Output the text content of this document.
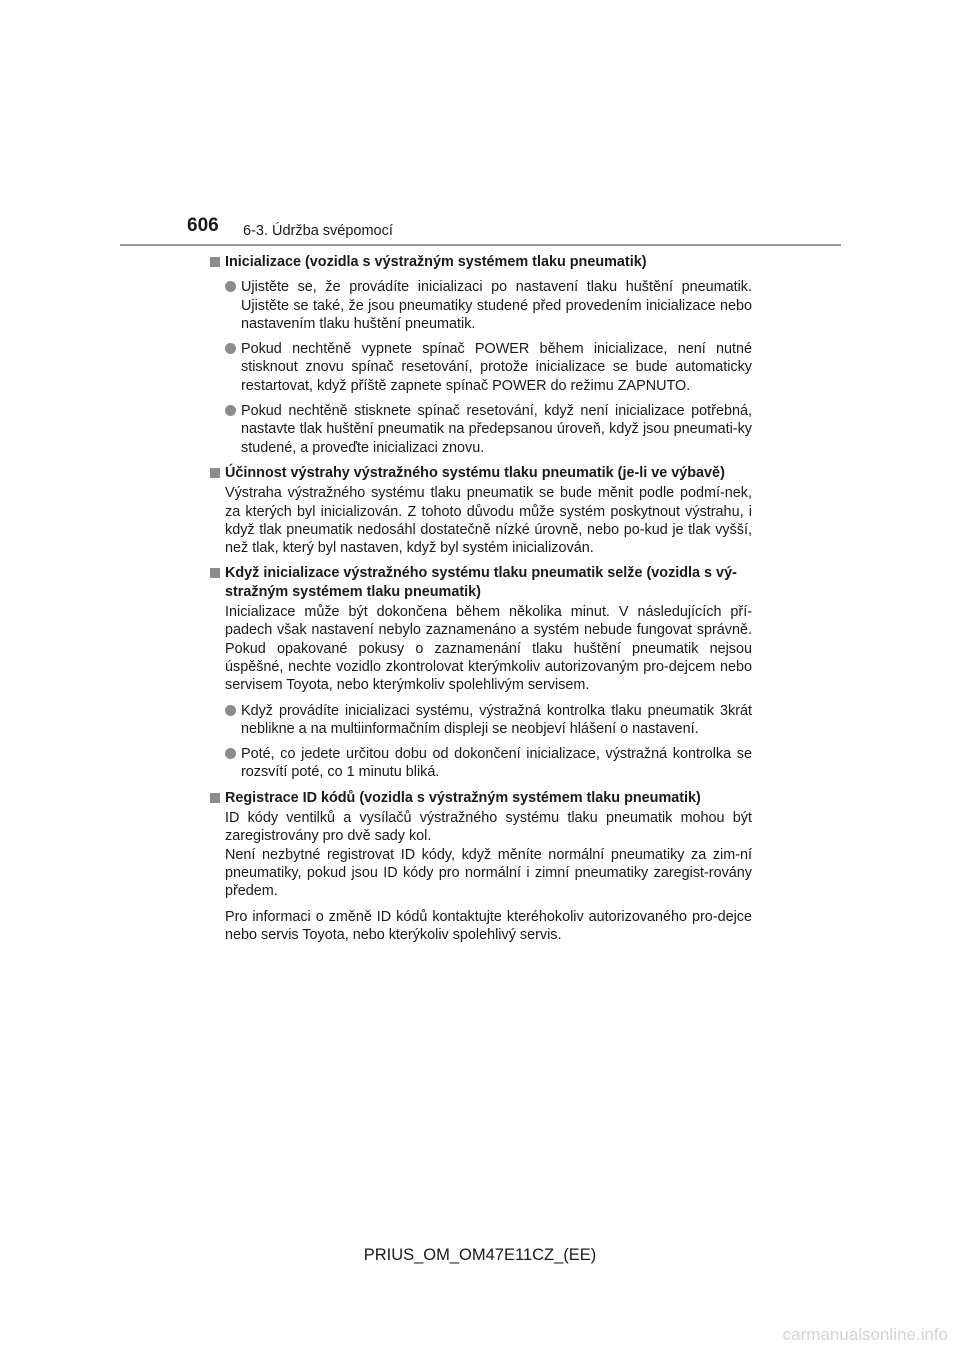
606 6-3. Údržba svépomocí
Inicializace (vozidla s výstražným systémem tlaku pneumatik)
Ujistěte se, že provádíte inicializaci po nastavení tlaku huštění pneumatik. Ujistěte se také, že jsou pneumatiky studené před provedením inicializace nebo nastavením tlaku huštění pneumatik.
Pokud nechtěně vypnete spínač POWER během inicializace, není nutné stisknout znovu spínač resetování, protože inicializace se bude automaticky restartovat, když příště zapnete spínač POWER do režimu ZAPNUTO.
Pokud nechtěně stisknete spínač resetování, když není inicializace potřebná, nastavte tlak huštění pneumatik na předepsanou úroveň, když jsou pneumati-ky studené, a proveďte inicializaci znovu.
Účinnost výstrahy výstražného systému tlaku pneumatik (je-li ve výbavě)
Výstraha výstražného systému tlaku pneumatik se bude měnit podle podmí-nek, za kterých byl inicializován. Z tohoto důvodu může systém poskytnout výstrahu, i když tlak pneumatik nedosáhl dostatečně nízké úrovně, nebo po-kud je tlak vyšší, než tlak, který byl nastaven, když byl systém inicializován.
Když inicializace výstražného systému tlaku pneumatik selže (vozidla s vý-stražným systémem tlaku pneumatik)
Inicializace může být dokončena během několika minut. V následujících pří-padech však nastavení nebylo zaznamenáno a systém nebude fungovat správně. Pokud opakované pokusy o zaznamenání tlaku huštění pneumatik nejsou úspěšné, nechte vozidlo zkontrolovat kterýmkoliv autorizovaným pro-dejcem nebo servisem Toyota, nebo kterýmkoliv spolehlivým servisem.
Když provádíte inicializaci systému, výstražná kontrolka tlaku pneumatik 3krát neblikne a na multiinformačním displeji se neobjeví hlášení o nastavení.
Poté, co jedete určitou dobu od dokončení inicializace, výstražná kontrolka se rozsvítí poté, co 1 minutu bliká.
Registrace ID kódů (vozidla s výstražným systémem tlaku pneumatik)
ID kódy ventilků a vysílačů výstražného systému tlaku pneumatik mohou být zaregistrovány pro dvě sady kol.
Není nezbytné registrovat ID kódy, když měníte normální pneumatiky za zim-ní pneumatiky, pokud jsou ID kódy pro normální i zimní pneumatiky zaregist-rovány předem.
Pro informaci o změně ID kódů kontaktujte kteréhokoliv autorizovaného pro-dejce nebo servis Toyota, nebo kterýkoliv spolehlivý servis.
PRIUS_OM_OM47E11CZ_(EE)
carmanualsonline.info
